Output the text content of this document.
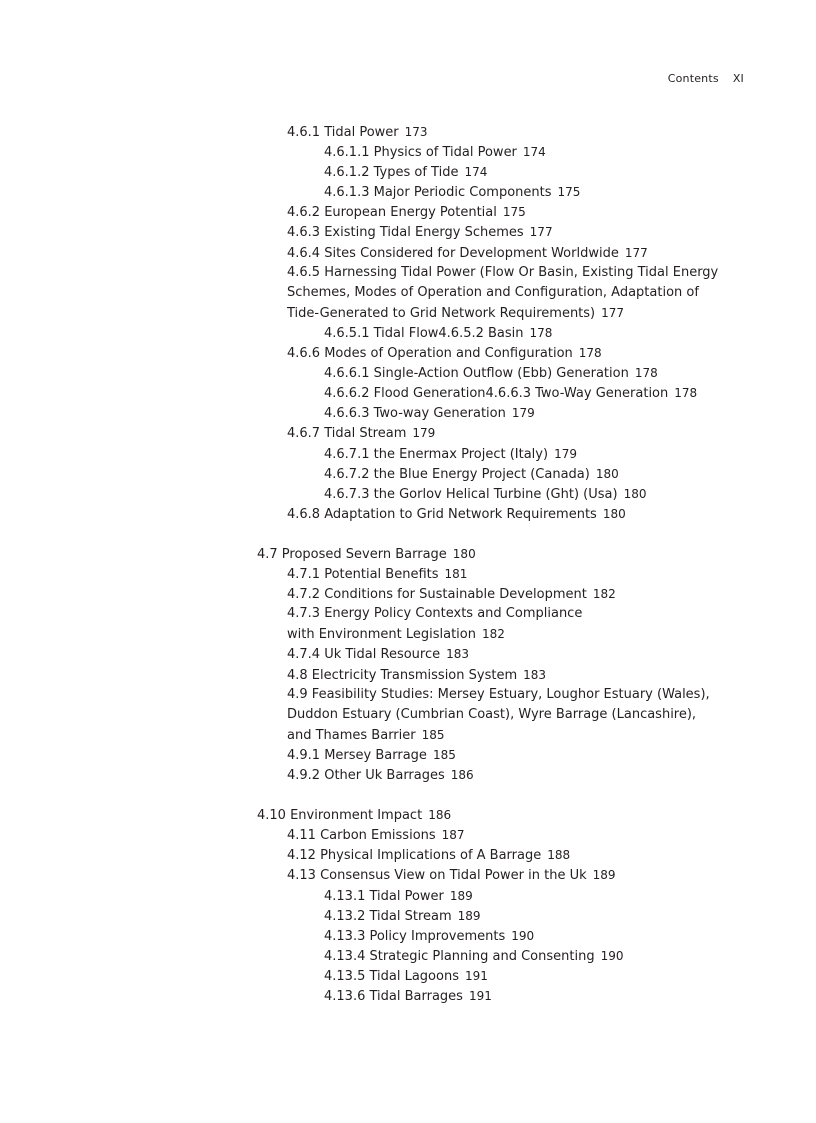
Contents XI
4.6.1 Tidal Power 173
4.6.1.1 Physics of Tidal Power 174
4.6.1.2 Types of Tide 174
4.6.1.3 Major Periodic Components 175
4.6.2 European Energy Potential 175
4.6.3 Existing Tidal Energy Schemes 177
4.6.4 Sites Considered for Development Worldwide 177
4.6.5 Harnessing Tidal Power (Flow Or Basin, Existing Tidal Energy
Schemes, Modes of Operation and Configuration, Adaptation of
Tide-Generated to Grid Network Requirements) 177
4.6.5.1 Tidal Flow4.6.5.2 Basin 178
4.6.6 Modes of Operation and Configuration 178
4.6.6.1 Single-Action Outflow (Ebb) Generation 178
4.6.6.2 Flood Generation4.6.6.3 Two-Way Generation 178
4.6.6.3 Two-way Generation 179
4.6.7 Tidal Stream 179
4.6.7.1 the Enermax Project (Italy) 179
4.6.7.2 the Blue Energy Project (Canada) 180
4.6.7.3 the Gorlov Helical Turbine (Ght) (Usa) 180
4.6.8 Adaptation to Grid Network Requirements 180
4.7 Proposed Severn Barrage 180
4.7.1 Potential Benefits 181
4.7.2 Conditions for Sustainable Development 182
4.7.3 Energy Policy Contexts and Compliance
with Environment Legislation 182
4.7.4 Uk Tidal Resource 183
4.8 Electricity Transmission System 183
4.9 Feasibility Studies: Mersey Estuary, Loughor Estuary (Wales),
Duddon Estuary (Cumbrian Coast), Wyre Barrage (Lancashire),
and Thames Barrier 185
4.9.1 Mersey Barrage 185
4.9.2 Other Uk Barrages 186
4.10 Environment Impact 186
4.11 Carbon Emissions 187
4.12 Physical Implications of A Barrage 188
4.13 Consensus View on Tidal Power in the Uk 189
4.13.1 Tidal Power 189
4.13.2 Tidal Stream 189
4.13.3 Policy Improvements 190
4.13.4 Strategic Planning and Consenting 190
4.13.5 Tidal Lagoons 191
4.13.6 Tidal Barrages 191
